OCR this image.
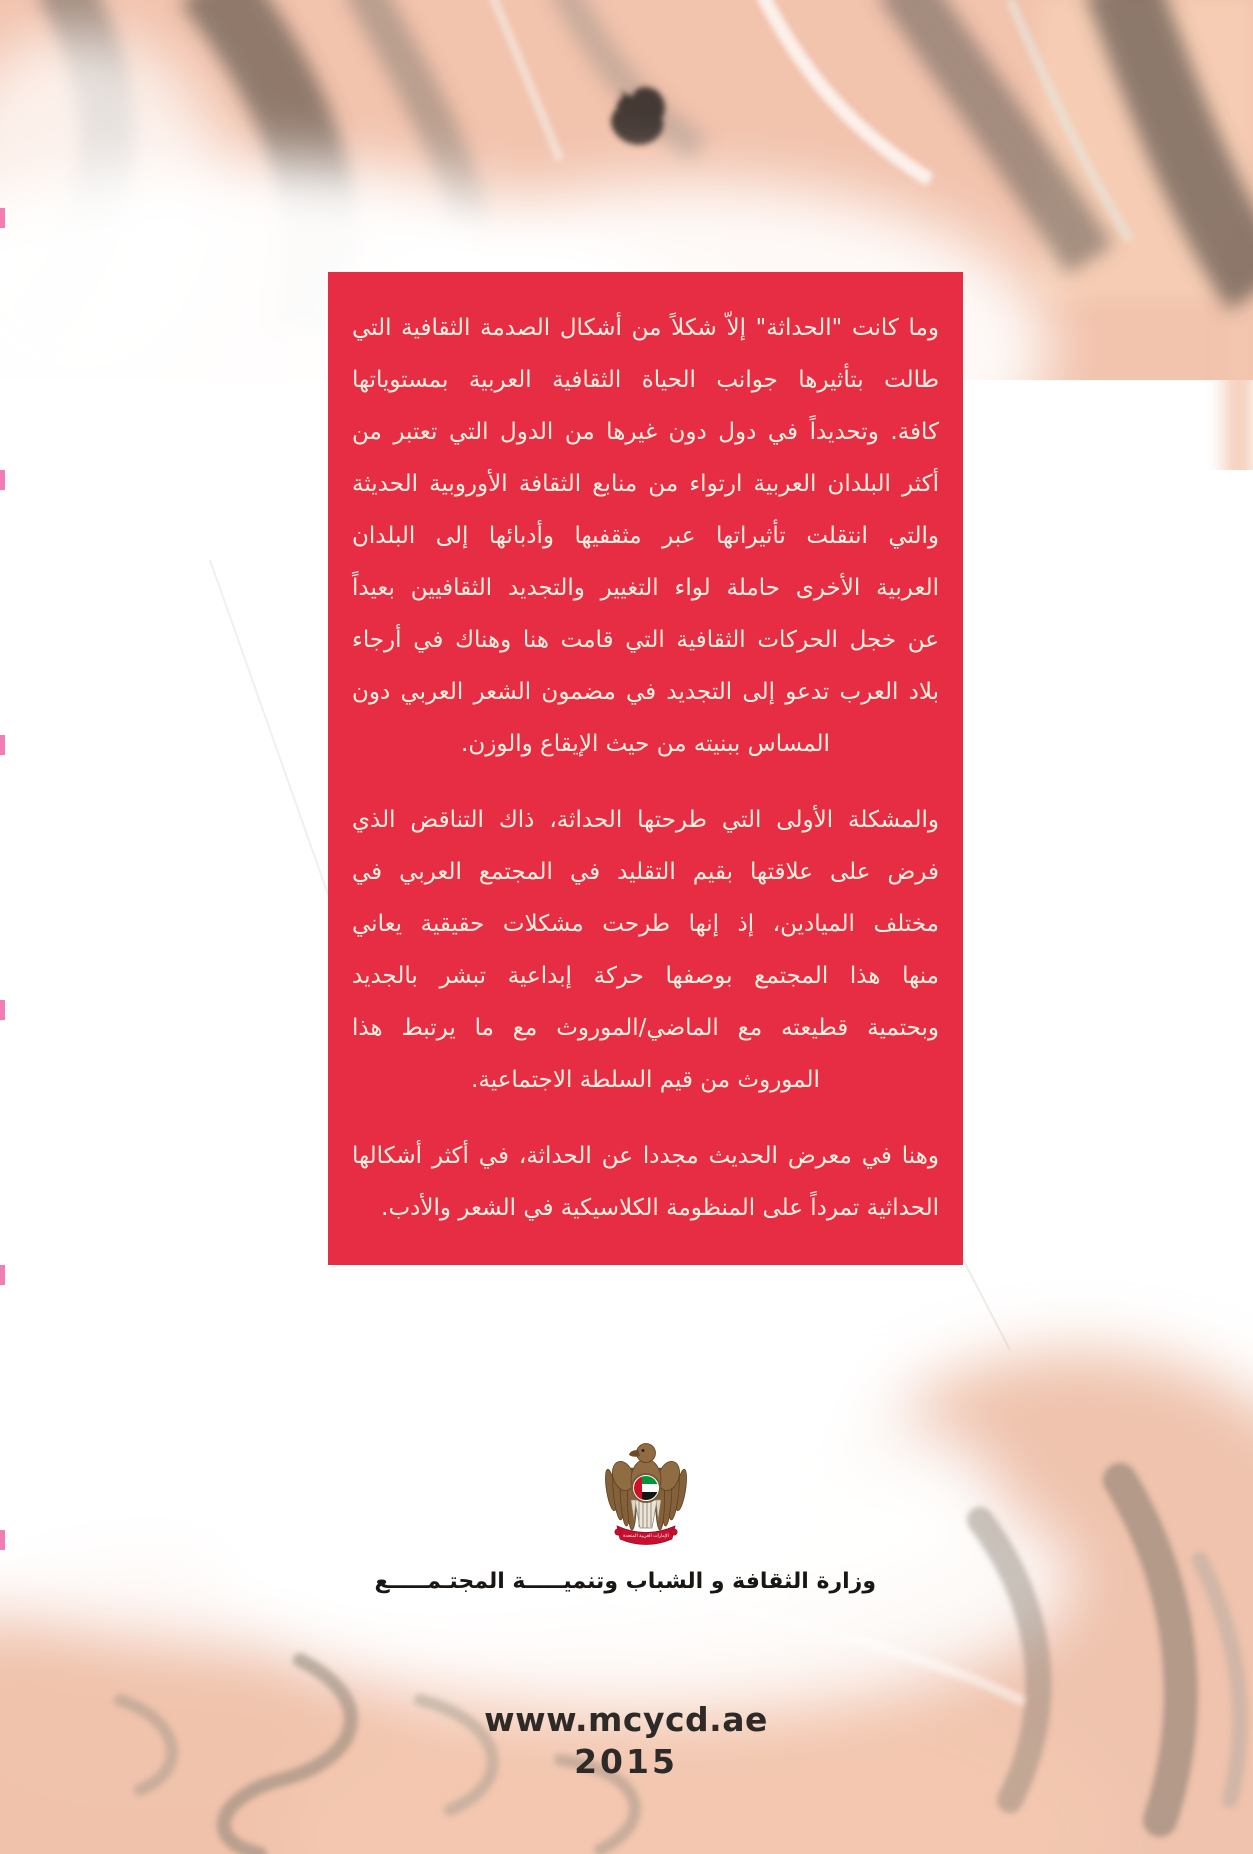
وما كانت "الحداثة" إلاّ شكلاً من أشكال الصدمة الثقافية التي
طالت بتأثيرها جوانب الحياة الثقافية العربية بمستوياتها
كافة. وتحديداً في دول دون غيرها من الدول التي تعتبر من
أكثر البلدان العربية ارتواء من منابع الثقافة الأوروبية الحديثة
والتي انتقلت تأثيراتها عبر مثقفيها وأدبائها إلى البلدان
العربية الأخرى حاملة لواء التغيير والتجديد الثقافيين بعيداً
عن خجل الحركات الثقافية التي قامت هنا وهناك في أرجاء
بلاد العرب تدعو إلى التجديد في مضمون الشعر العربي دون
المساس ببنيته من حيث الإيقاع والوزن.
والمشكلة الأولى التي طرحتها الحداثة، ذاك التناقض الذي
فرض على علاقتها بقيم التقليد في المجتمع العربي في
مختلف الميادين، إذ إنها طرحت مشكلات حقيقية يعاني
منها هذا المجتمع بوصفها حركة إبداعية تبشر بالجديد
وبحتمية قطيعته مع الماضي/الموروث مع ما يرتبط هذا
الموروث من قيم السلطة الاجتماعية.
وهنا في معرض الحديث مجددا عن الحداثة، في أكثر أشكالها
الحداثية تمرداً على المنظومة الكلاسيكية في الشعر والأدب.
الإمارات العربية المتحدة
وزارة الثقافة و الشباب وتنميـــــة المجتـمـــــع
www.mcycd.ae
2015
